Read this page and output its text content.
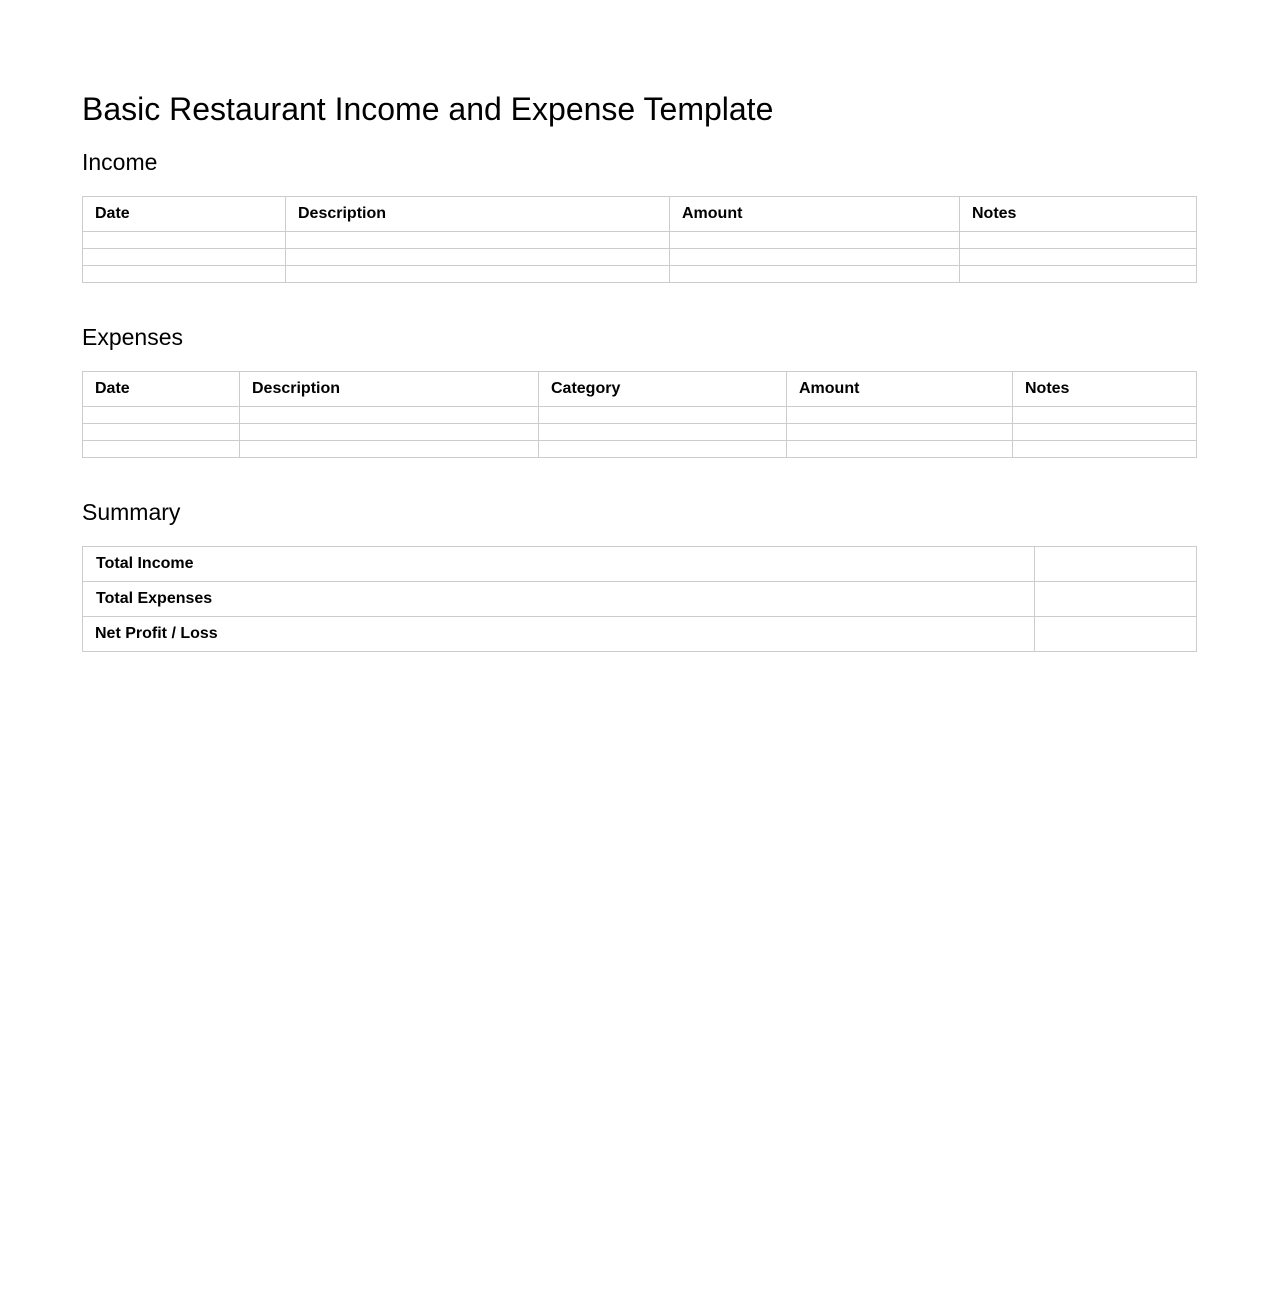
Basic Restaurant Income and Expense Template
Income
Date	Description	Amount	Notes

Expenses
Date	Description	Category	Amount	Notes

Summary
Total Income	
Total Expenses	
Net Profit / Loss	
